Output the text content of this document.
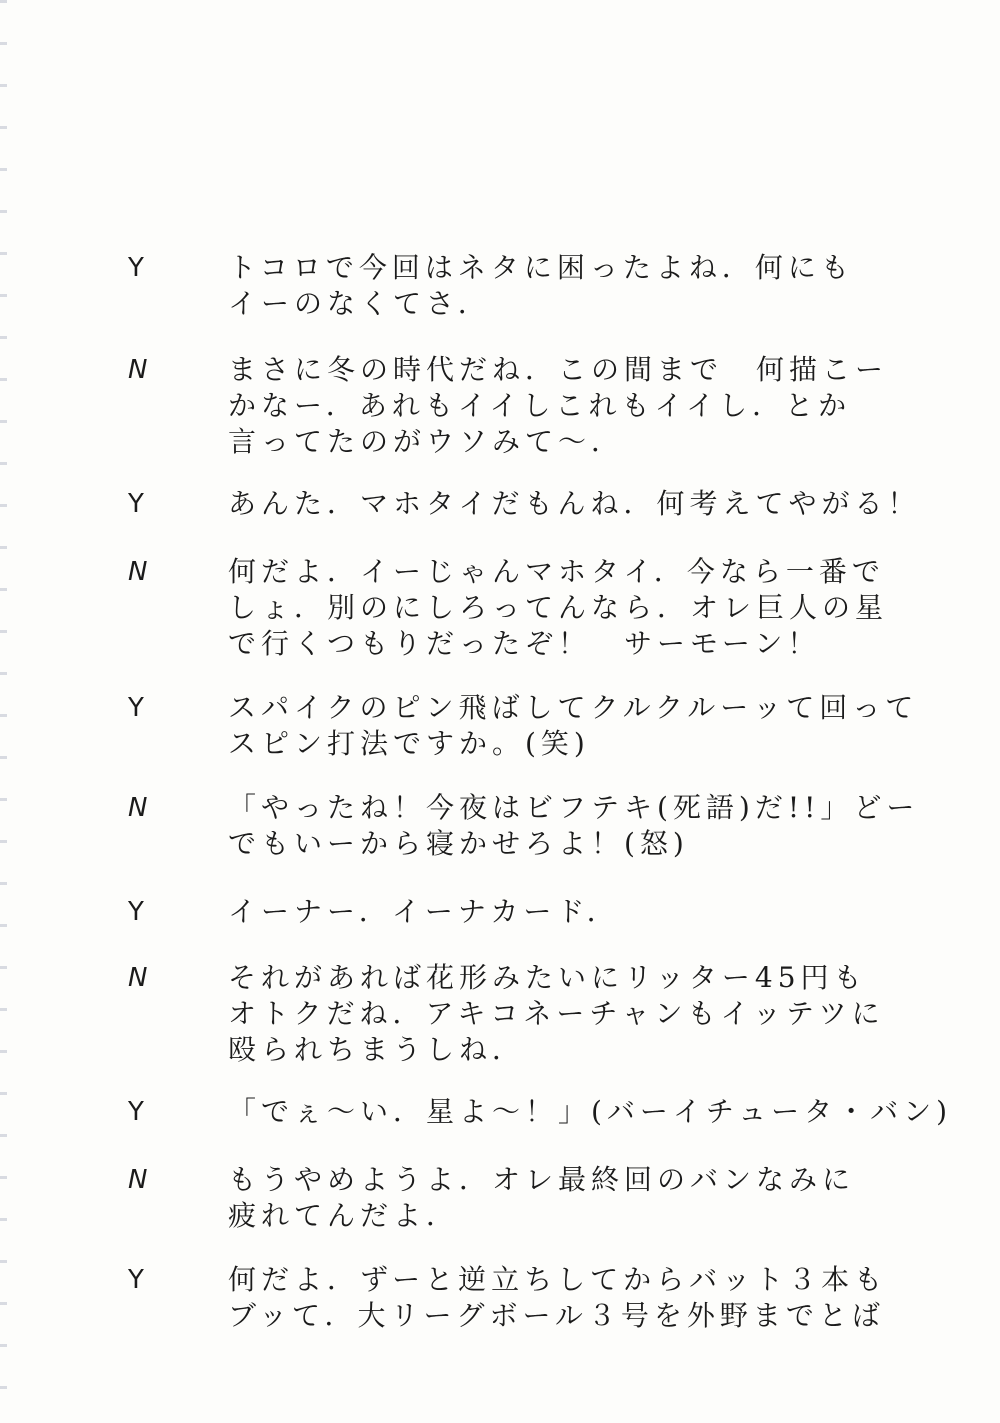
Y	トコロで今回はネタに困ったよね．何にも
イーのなくてさ．
N	まさに冬の時代だね．この間まで　何描こー
かなー．あれもイイしこれもイイし．とか
言ってたのがウソみて～．
Y	あんた．マホタイだもんね．何考えてやがる！
N	何だよ．イーじゃんマホタイ．今なら一番で
しょ．別のにしろってんなら．オレ巨人の星
で行くつもりだったぞ！　サーモーン！
Y	スパイクのピン飛ばしてクルクルーッて回って
スピン打法ですか。(笑)
N	「やったね！今夜はビフテキ(死語)だ!!」どー
でもいーから寝かせろよ！(怒)
Y	イーナー．イーナカード．
N	それがあれば花形みたいにリッター45円も
オトクだね．アキコネーチャンもイッテツに
殴られちまうしね．
Y	「でぇ～い．星よ～！」(バーイチュータ・バン)
N	もうやめようよ．オレ最終回のバンなみに
疲れてんだよ．
Y	何だよ．ずーと逆立ちしてからバット３本も
ブッて．大リーグボール３号を外野までとば
